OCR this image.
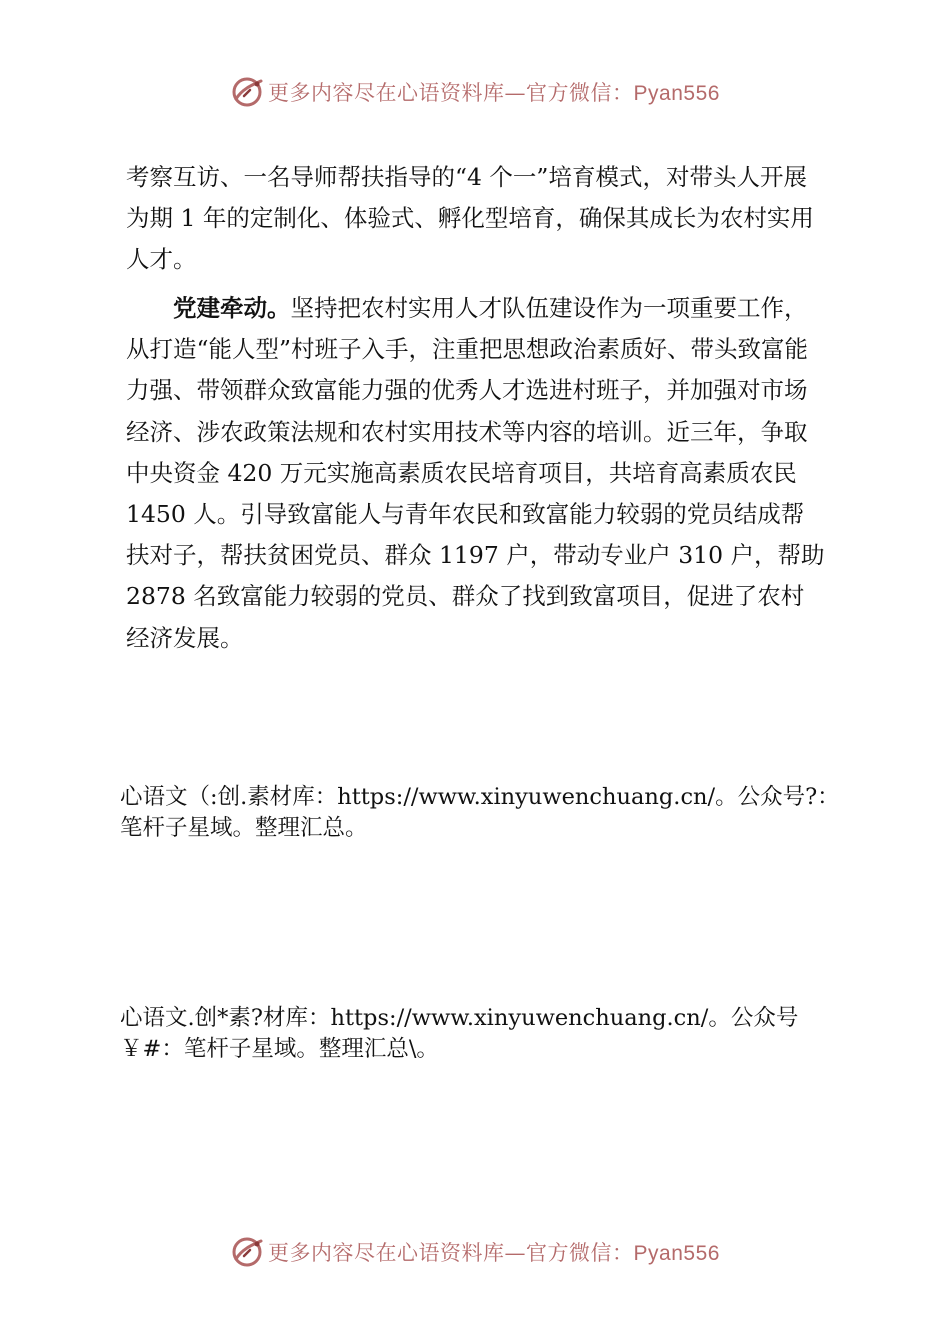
更多内容尽在心语资料库—官方微信：Pyan556

考察互访、一名导师帮扶指导的“4 个一”培育模式，对带头人开展为期 1 年的定制化、体验式、孵化型培育，确保其成长为农村实用人才。

党建牵动。坚持把农村实用人才队伍建设作为一项重要工作，从打造“能人型”村班子入手，注重把思想政治素质好、带头致富能力强、带领群众致富能力强的优秀人才选进村班子，并加强对市场经济、涉农政策法规和农村实用技术等内容的培训。近三年，争取中央资金 420 万元实施高素质农民培育项目，共培育高素质农民 1450 人。引导致富能人与青年农民和致富能力较弱的党员结成帮扶对子，帮扶贫困党员、群众 1197 户，带动专业户 310 户，帮助 2878 名致富能力较弱的党员、群众了找到致富项目，促进了农村经济发展。

心语文（:创.素材库：https://www.xinyuwenchuang.cn/。公众号?：笔杆子星域。整理汇总。

心语文.创*素?材库：https://www.xinyuwenchuang.cn/。公众号￥#：笔杆子星域。整理汇总\。

更多内容尽在心语资料库—官方微信：Pyan556
